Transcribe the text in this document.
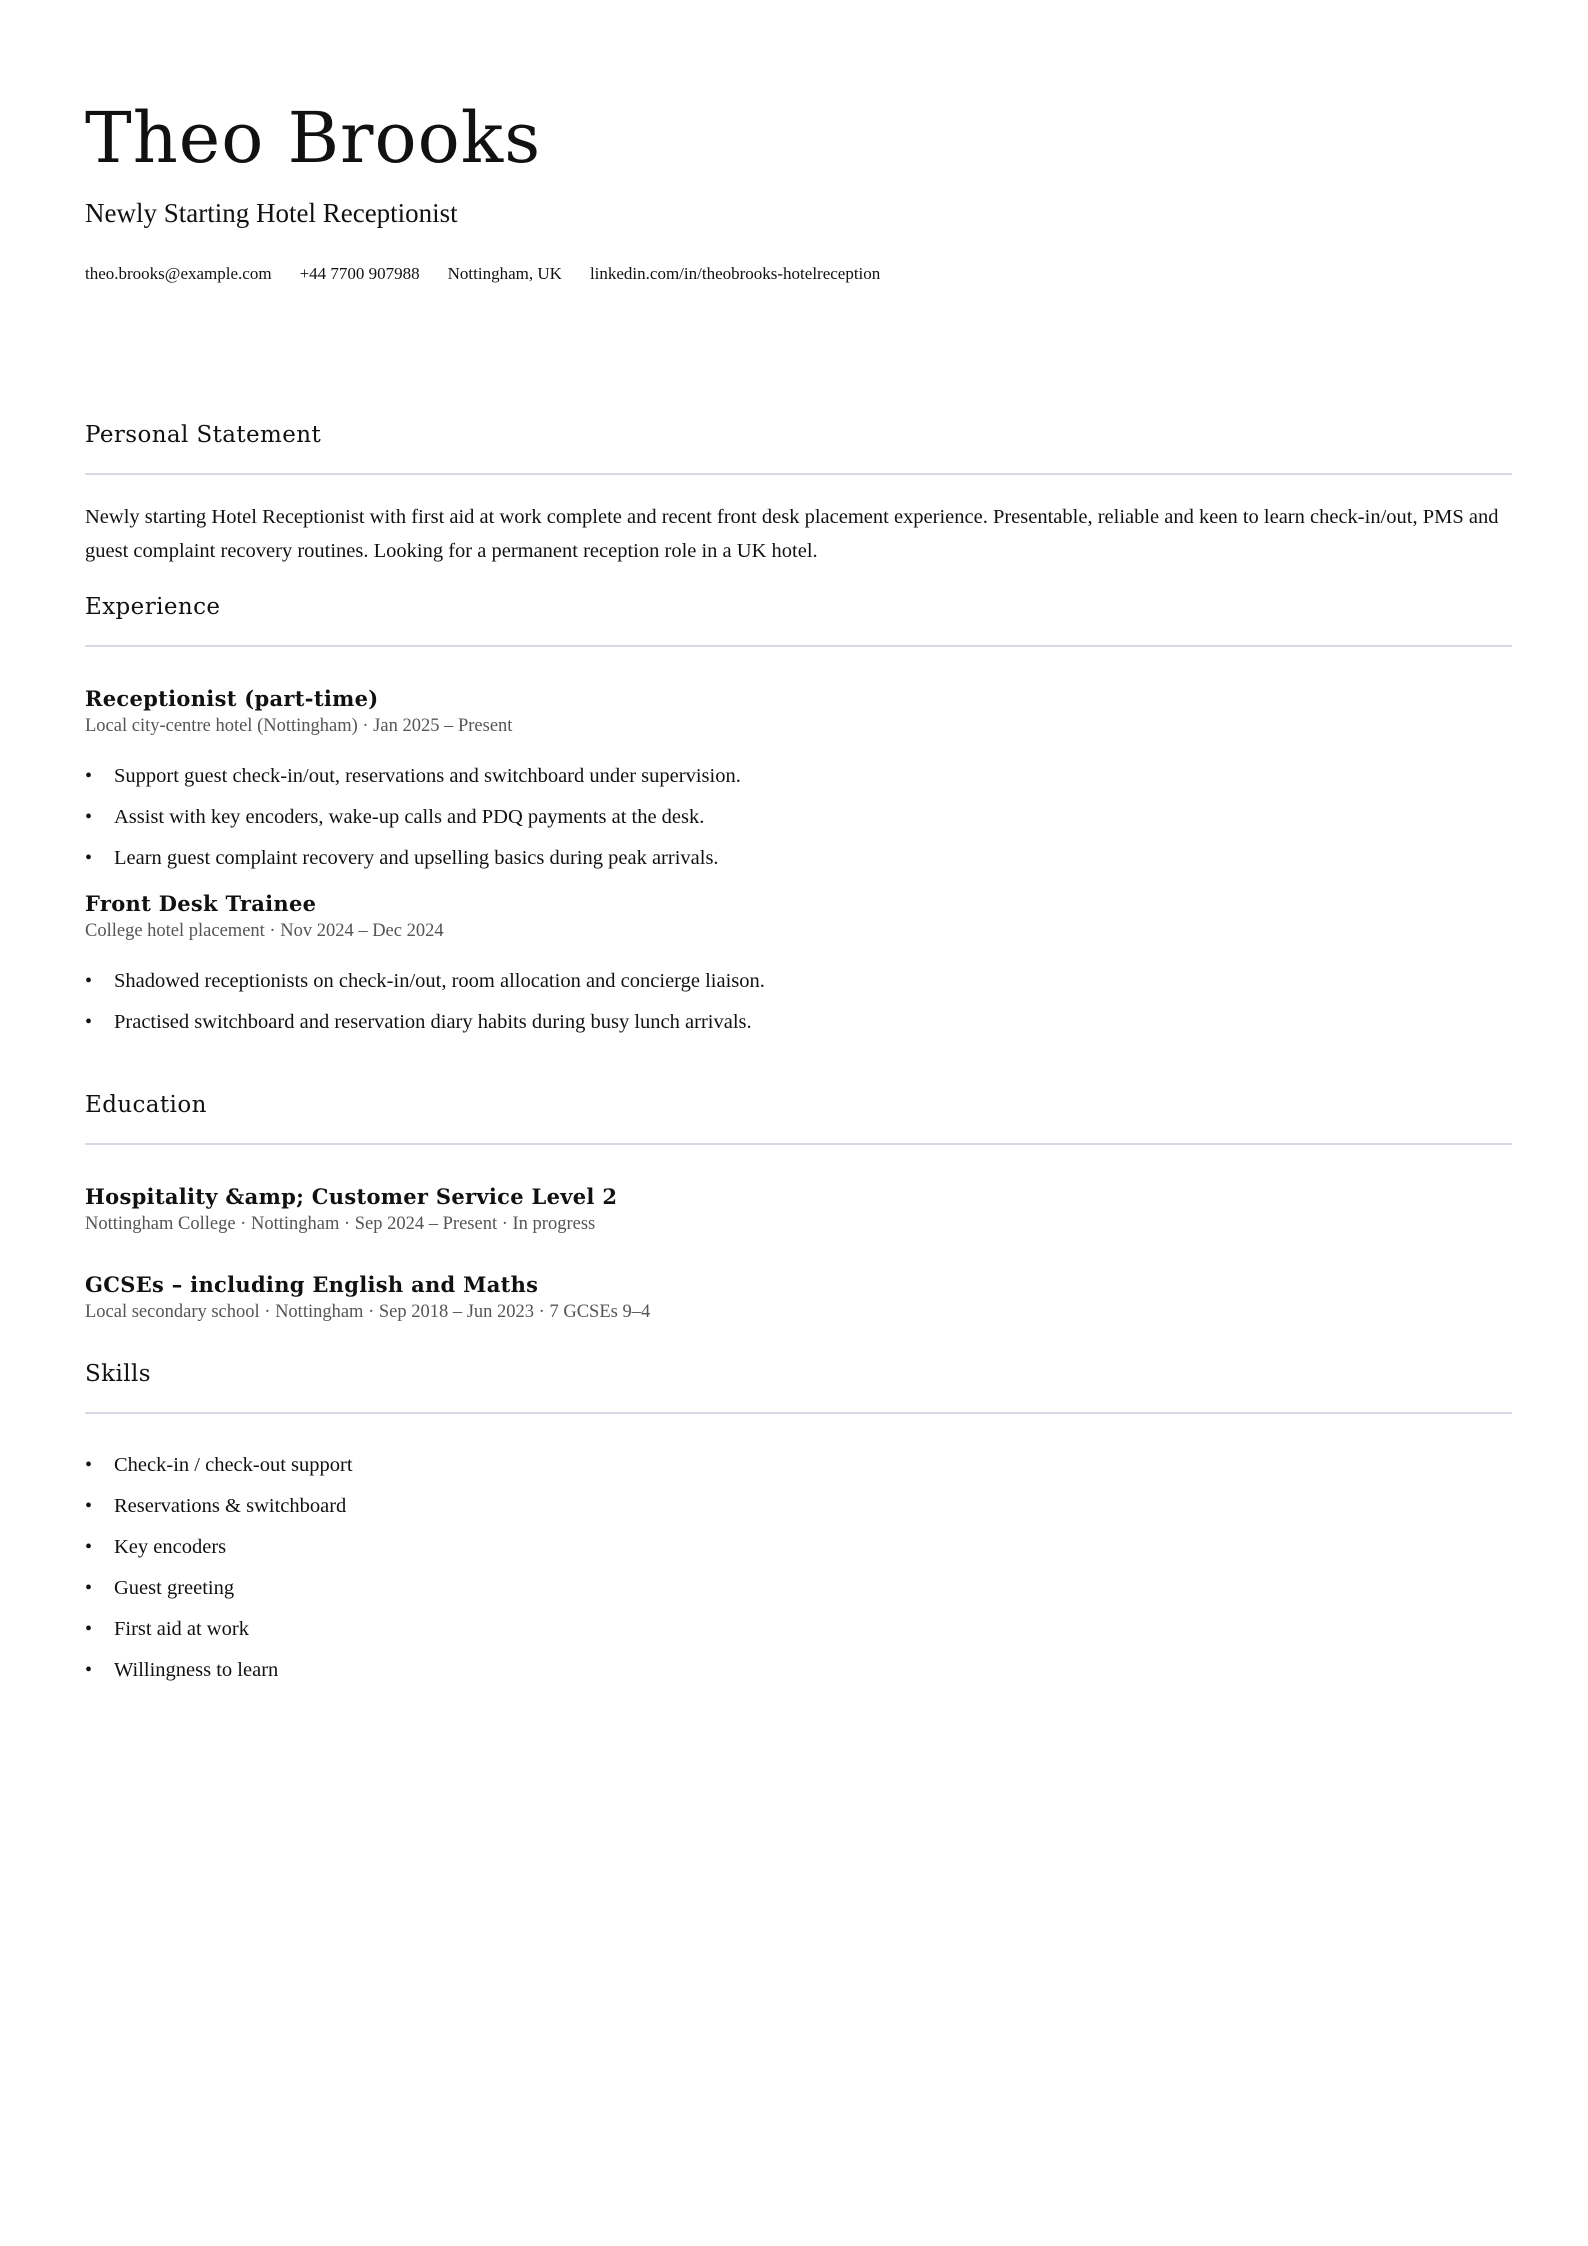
Theo Brooks
Newly Starting Hotel Receptionist
theo.brooks@example.com +44 7700 907988 Nottingham, UK linkedin.com/in/theobrooks-hotelreception
Personal Statement

Newly starting Hotel Receptionist with first aid at work complete and recent front desk placement experience. Presentable, reliable and keen to learn check-in/out, PMS and guest complaint recovery routines. Looking for a permanent reception role in a UK hotel.

Experience
Receptionist (part-time)
Local city-centre hotel (Nottingham) · Jan 2025 – Present
• Support guest check-in/out, reservations and switchboard under supervision.
• Assist with key encoders, wake-up calls and PDQ payments at the desk.
• Learn guest complaint recovery and upselling basics during peak arrivals.
Front Desk Trainee
College hotel placement · Nov 2024 – Dec 2024
• Shadowed receptionists on check-in/out, room allocation and concierge liaison.
• Practised switchboard and reservation diary habits during busy lunch arrivals.
Education
Hospitality &amp; Customer Service Level 2
Nottingham College · Nottingham · Sep 2024 – Present · In progress
GCSEs – including English and Maths
Local secondary school · Nottingham · Sep 2018 – Jun 2023 · 7 GCSEs 9–4
Skills
• Check-in / check-out support
• Reservations & switchboard
• Key encoders
• Guest greeting
• First aid at work
• Willingness to learn
